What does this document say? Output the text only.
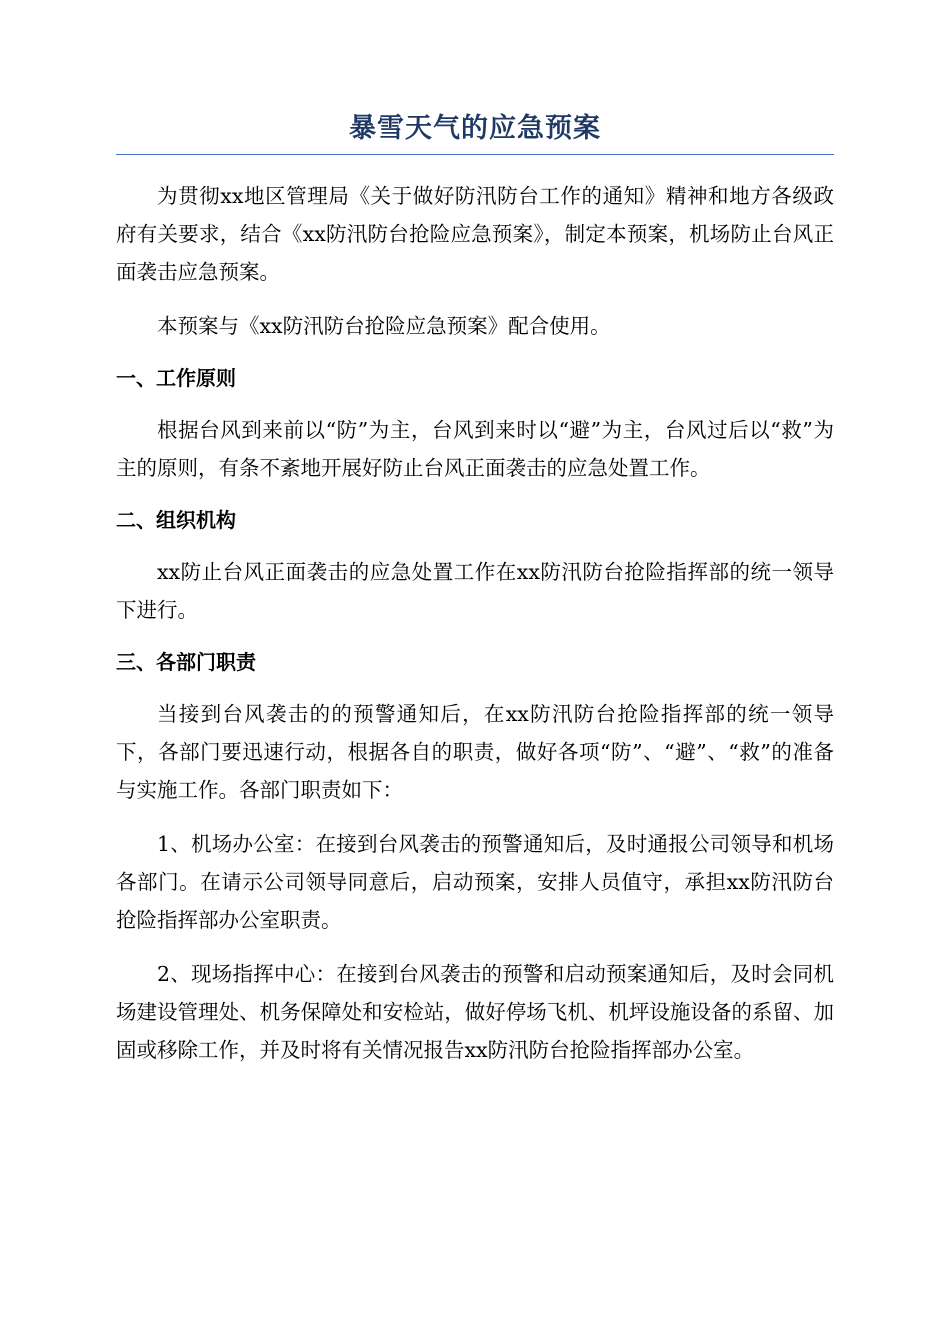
暴雪天气的应急预案

为贯彻xx地区管理局《关于做好防汛防台工作的通知》精神和地方各级政府有关要求，结合《xx防汛防台抢险应急预案》，制定本预案，机场防止台风正面袭击应急预案。

本预案与《xx防汛防台抢险应急预案》配合使用。

一、工作原则

根据台风到来前以“防”为主，台风到来时以“避”为主，台风过后以“救”为主的原则，有条不紊地开展好防止台风正面袭击的应急处置工作。

二、组织机构

xx防止台风正面袭击的应急处置工作在xx防汛防台抢险指挥部的统一领导下进行。

三、各部门职责

当接到台风袭击的的预警通知后，在xx防汛防台抢险指挥部的统一领导下，各部门要迅速行动，根据各自的职责，做好各项“防”、“避”、“救”的准备与实施工作。各部门职责如下：

1、机场办公室：在接到台风袭击的预警通知后，及时通报公司领导和机场各部门。在请示公司领导同意后，启动预案，安排人员值守，承担xx防汛防台抢险指挥部办公室职责。

2、现场指挥中心：在接到台风袭击的预警和启动预案通知后，及时会同机场建设管理处、机务保障处和安检站，做好停场飞机、机坪设施设备的系留、加固或移除工作，并及时将有关情况报告xx防汛防台抢险指挥部办公室。
